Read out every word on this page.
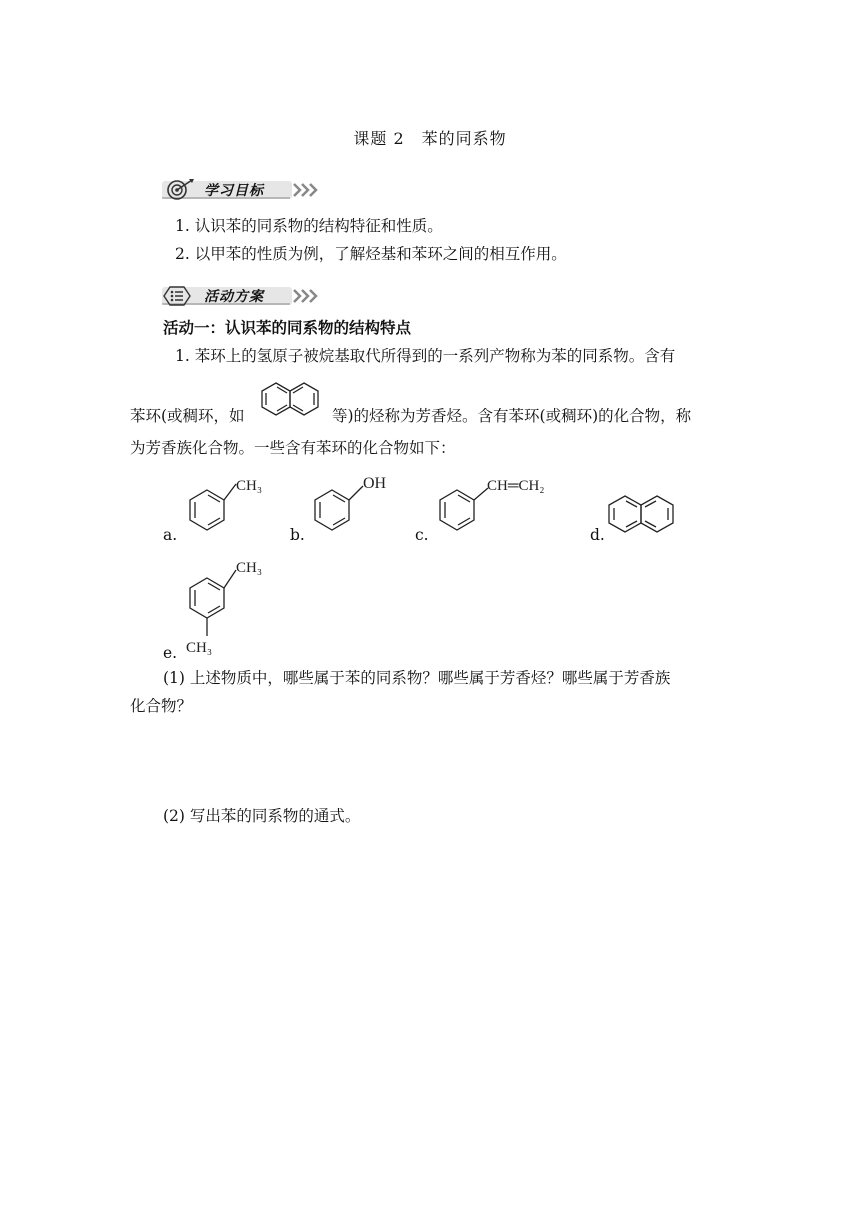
课题 2　苯的同系物
学习目标
1. 认识苯的同系物的结构特征和性质。
2. 以甲苯的性质为例，了解烃基和苯环之间的相互作用。
活动方案
活动一：认识苯的同系物的结构特点
1. 苯环上的氢原子被烷基取代所得到的一系列产物称为苯的同系物。含有
苯环(或稠环，如	等)的烃称为芳香烃。含有苯环(或稠环)的化合物，称
为芳香族化合物。一些含有苯环的化合物如下：
a.
CH₃
b.
OH
c.
CH═CH₂
d.
e.
CH₃
CH₃
(1) 上述物质中，哪些属于苯的同系物？哪些属于芳香烃？哪些属于芳香族
化合物？
(2) 写出苯的同系物的通式。
